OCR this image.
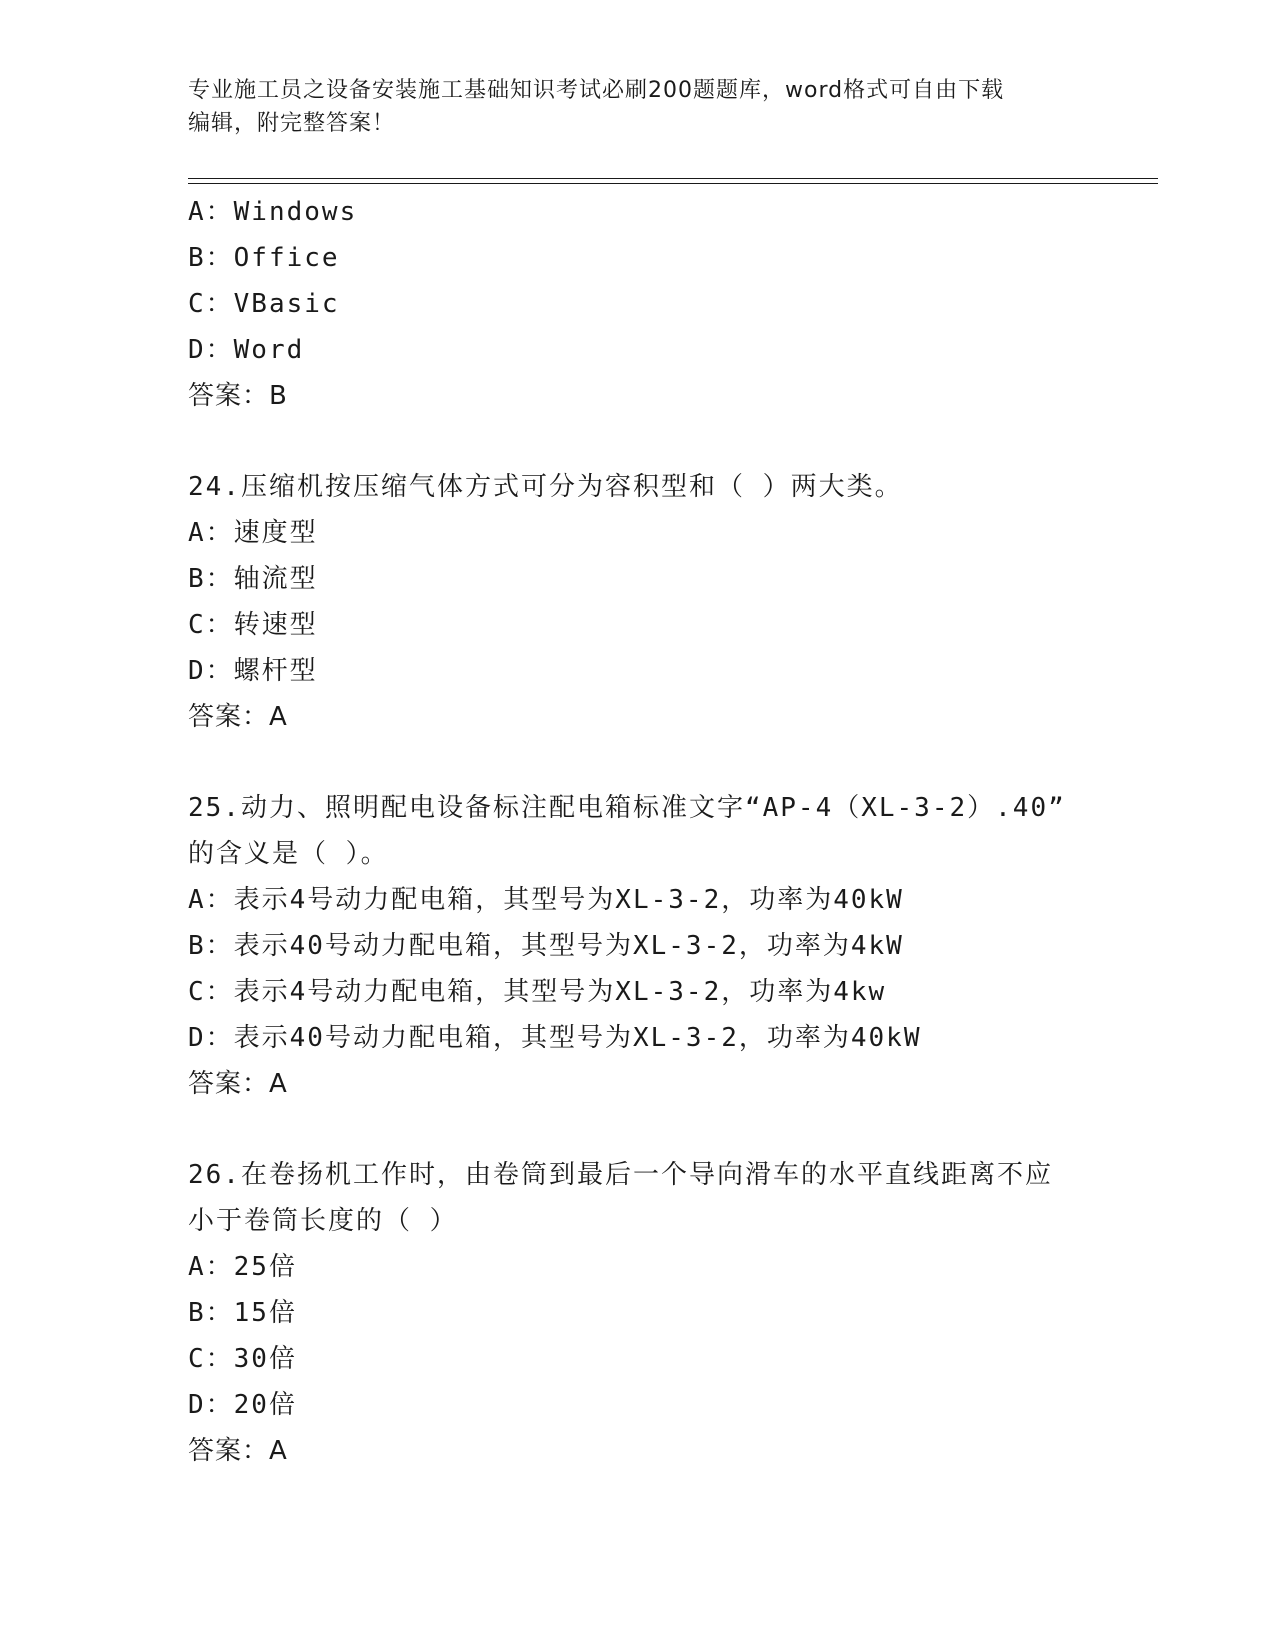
专业施工员之设备安装施工基础知识考试必刷200题题库，word格式可自由下载
编辑，附完整答案！
A：Windows
B：Office
C：VBasic
D：Word
答案：B
24.压缩机按压缩气体方式可分为容积型和（ ）两大类。
A：速度型
B：轴流型
C：转速型
D：螺杆型
答案：A
25.动力、照明配电设备标注配电箱标准文字“AP-4（XL-3-2）.40”
的含义是（ ）。
A：表示4号动力配电箱，其型号为XL-3-2，功率为40kW
B：表示40号动力配电箱，其型号为XL-3-2，功率为4kW
C：表示4号动力配电箱，其型号为XL-3-2，功率为4kw
D：表示40号动力配电箱，其型号为XL-3-2，功率为40kW
答案：A
26.在卷扬机工作时，由卷筒到最后一个导向滑车的水平直线距离不应
小于卷筒长度的（ ）
A：25倍
B：15倍
C：30倍
D：20倍
答案：A
